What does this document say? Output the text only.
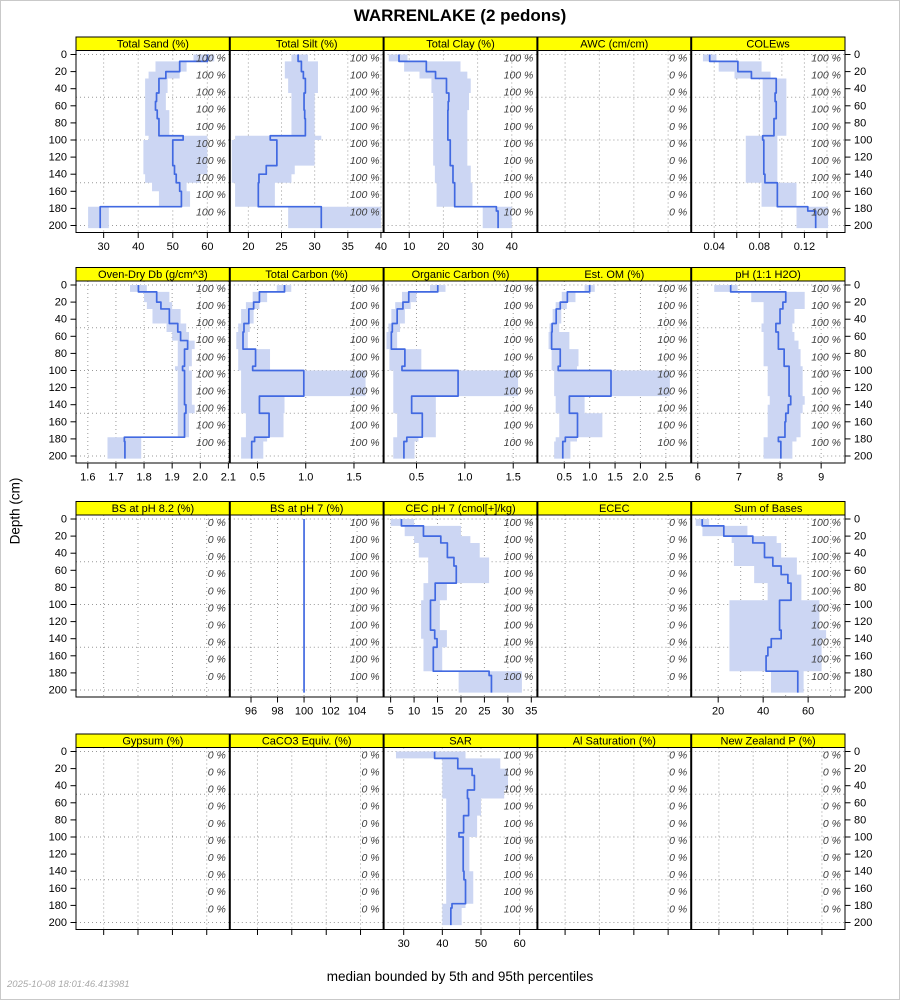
WARRENLAKE (2 pedons)
100 %
100 %
100 %
100 %
100 %
100 %
100 %
100 %
100 %
100 %
Total Sand (%)
30 40 50 60
100 %
100 %
100 %
100 %
100 %
100 %
100 %
100 %
100 %
100 %
Total Silt (%)
20 25 30 35 40
100 %
100 %
100 %
100 %
100 %
100 %
100 %
100 %
100 %
100 %
Total Clay (%)
10 20 30 40
0 %
0 %
0 %
0 %
0 %
0 %
0 %
0 %
0 %
0 %
AWC (cm/cm)
100 %
100 %
100 %
100 %
100 %
100 %
100 %
100 %
100 %
100 %
COLEws
0.04 0.08 0.12
100 %
100 %
100 %
100 %
100 %
100 %
100 %
100 %
100 %
100 %
Oven-Dry Db (g/cm^3)
1.6 1.7 1.8 1.9 2.0 2.1
100 %
100 %
100 %
100 %
100 %
100 %
100 %
100 %
100 %
100 %
Total Carbon (%)
0.5	1.0	1.5
100 %
100 %
100 %
100 %
100 %
100 %
100 %
100 %
100 %
100 %
Organic Carbon (%)
0.5	1.0	1.5
100 %
100 %
100 %
100 %
100 %
100 %
100 %
100 %
100 %
100 %
Est. OM (%)
0.5 1.0 1.5 2.0 2.5
100 %
100 %
100 %
100 %
100 %
100 %
100 %
100 %
100 %
100 %
pH (1:1 H2O)
6	7	8	9
0 %
0 %
0 %
0 %
0 %
0 %
0 %
0 %
0 %
0 %
BS at pH 8.2 (%)
100 %
100 %
100 %
100 %
100 %
100 %
100 %
100 %
100 %
100 %
BS at pH 7 (%)
96 98 100 102 104
100 %
100 %
100 %
100 %
100 %
100 %
100 %
100 %
100 %
100 %
CEC pH 7 (cmol[+]/kg)
5 10 15 20 25 30 35
0 %
0 %
0 %
0 %
0 %
0 %
0 %
0 %
0 %
0 %
ECEC
100 %
100 %
100 %
100 %
100 %
100 %
100 %
100 %
100 %
100 %
Sum of Bases
20	40	60
0 %
0 %
0 %
0 %
0 %
0 %
0 %
0 %
0 %
0 %
Gypsum (%)
0 %
0 %
0 %
0 %
0 %
0 %
0 %
0 %
0 %
0 %
CaCO3 Equiv. (%)
100 %
100 %
100 %
100 %
100 %
100 %
100 %
100 %
100 %
100 %
SAR
30 40 50 60
0 %
0 %
0 %
0 %
0 %
0 %
0 %
0 %
0 %
0 %
Al Saturation (%)
0 %
0 %
0 %
0 %
0 %
0 %
0 %
0 %
0 %
0 %
New Zealand P (%)
0	0
20	20
40	40
60	60
80	80
100	100
120	120
140	140
160	160
180	180
200	200
0	0
20	20
40	40
60	60
80	80
100	100
120	120
140	140
160	160
180	180
200	200
0	0
20	20
40	40
60	60
80	80
100	100
120	120
140	140
160	160
180	180
200	200
0	0
20	20
40	40
60	60
80	80
100	100
120	120
140	140
160	160
180	180
200	200
Depth (cm)
median bounded by 5th and 95th percentiles
2025-10-08 18:01:46.413981
